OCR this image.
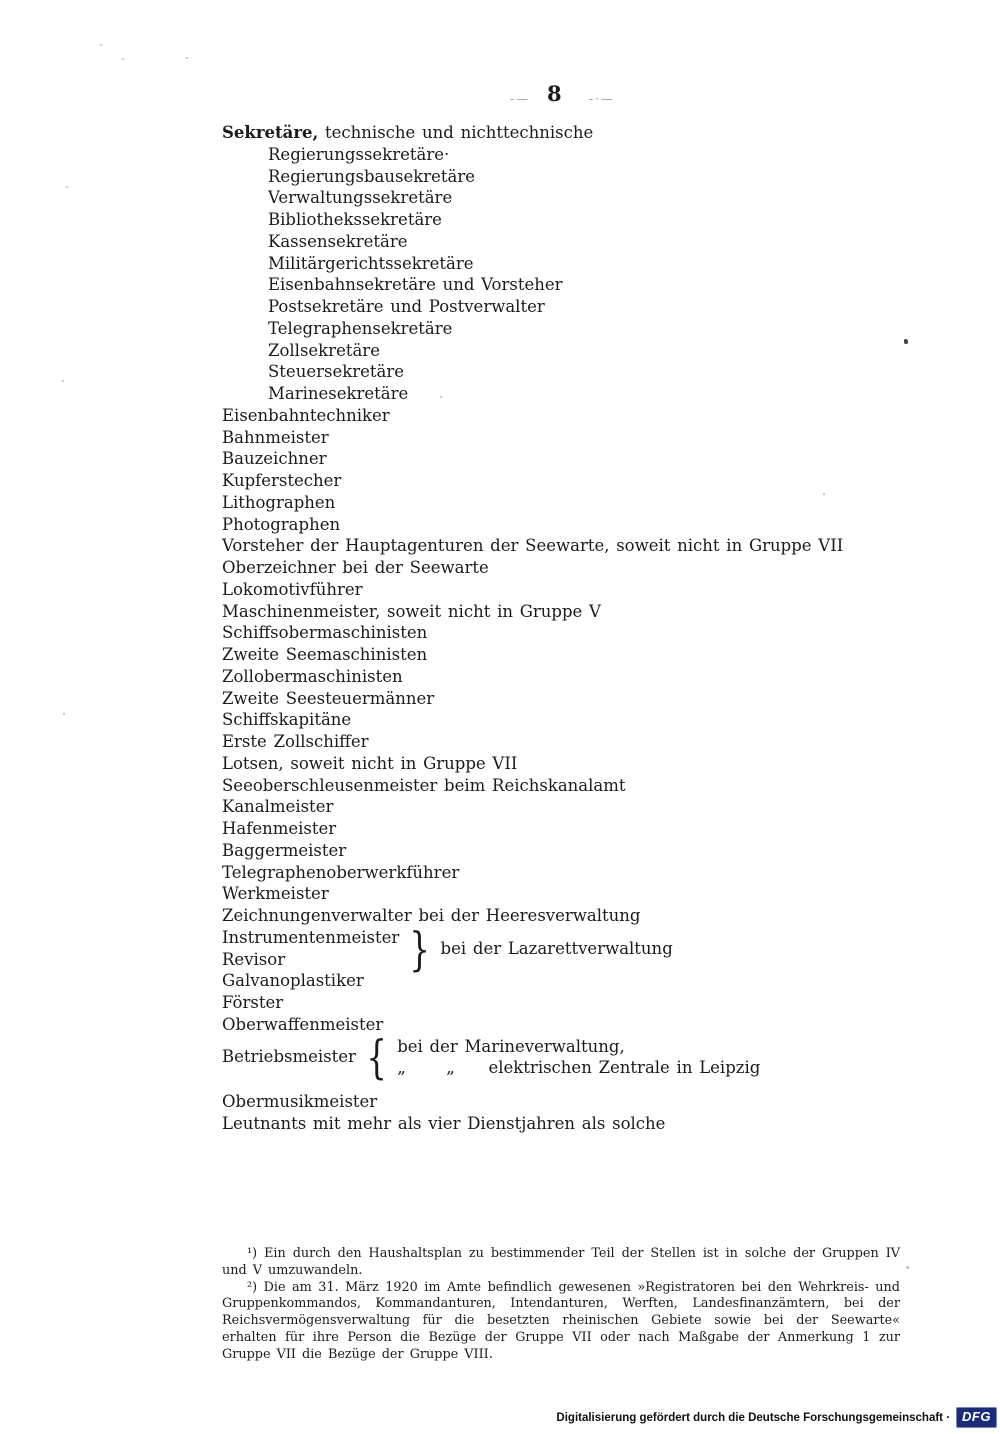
-— 8 -·—
Sekretäre, technische und nichttechnische
Regierungssekretäre·
Regierungsbausekretäre
Verwaltungssekretäre
Bibliothekssekretäre
Kassensekretäre
Militärgerichtssekretäre
Eisenbahnsekretäre und Vorsteher
Postsekretäre und Postverwalter
Telegraphensekretäre
Zollsekretäre
Steuersekretäre
Marinesekretäre
Eisenbahntechniker
Bahnmeister
Bauzeichner
Kupferstecher
Lithographen
Photographen
Vorsteher der Hauptagenturen der Seewarte, soweit nicht in Gruppe VII
Oberzeichner bei der Seewarte
Lokomotivführer
Maschinenmeister, soweit nicht in Gruppe V
Schiffsobermaschinisten
Zweite Seemaschinisten
Zollobermaschinisten
Zweite Seesteuermänner
Schiffskapitäne
Erste Zollschiffer
Lotsen, soweit nicht in Gruppe VII
Seeoberschleusenmeister beim Reichskanalamt
Kanalmeister
Hafenmeister
Baggermeister
Telegraphenoberwerkführer
Werkmeister
Zeichnungenverwalter bei der Heeresverwaltung
Instrumentenmeister
Revisor	} bei der Lazarettverwaltung
Galvanoplastiker
Förster
Oberwaffenmeister
Betriebsmeister { bei der Marineverwaltung,
„      „     elektrischen Zentrale in Leipzig
Obermusikmeister
Leutnants mit mehr als vier Dienstjahren als solche

¹) Ein durch den Haushaltsplan zu bestimmender Teil der Stellen ist in solche der Gruppen IV und V umzuwandeln.

²) Die am 31. März 1920 im Amte befindlich gewesenen »Registratoren bei den Wehrkreis- und Gruppenkommandos, Kommandanturen, Intendanturen, Werften, Landesfinanzämtern, bei der Reichsvermögensverwaltung für die besetzten rheinischen Gebiete sowie bei der Seewarte« erhalten für ihre Person die Bezüge der Gruppe VII oder nach Maßgabe der Anmerkung 1 zur Gruppe VII die Bezüge der Gruppe VIII.

Digitalisierung gefördert durch die Deutsche Forschungsgemeinschaft · DFG
